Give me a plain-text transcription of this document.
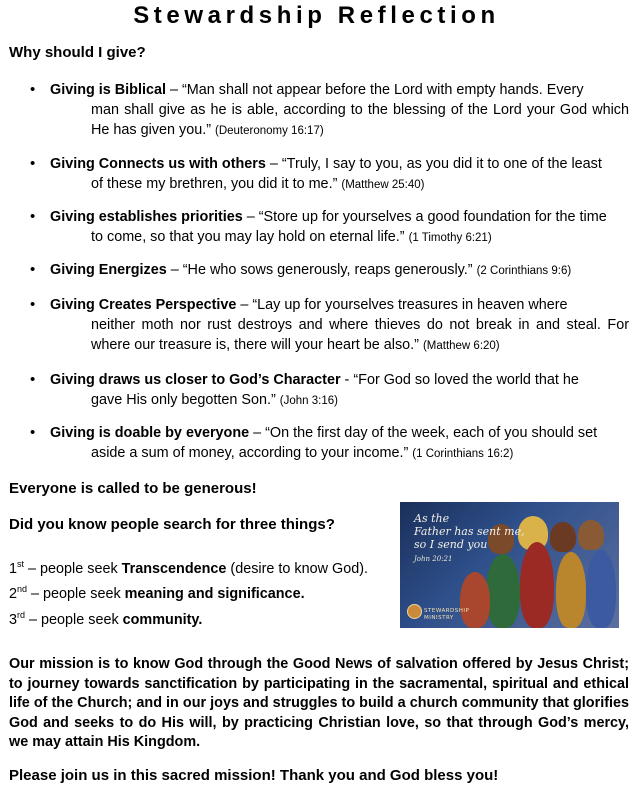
Stewardship Reflection
Why should I give?
• Giving is Biblical – “Man shall not appear before the Lord with empty hands. Every
man shall give as he is able, according to the blessing of the Lord your God which He has given you.” (Deuteronomy 16:17)
• Giving Connects us with others – “Truly, I say to you, as you did it to one of the least
of these my brethren, you did it to me.” (Matthew 25:40)
• Giving establishes priorities – “Store up for yourselves a good foundation for the time
to come, so that you may lay hold on eternal life.” (1 Timothy 6:21)
• Giving Energizes – “He who sows generously, reaps generously.” (2 Corinthians 9:6)
• Giving Creates Perspective – “Lay up for yourselves treasures in heaven where
neither moth nor rust destroys and where thieves do not break in and steal. For where our treasure is, there will your heart be also.” (Matthew 6:20)
• Giving draws us closer to God’s Character - “For God so loved the world that he
gave His only begotten Son.” (John 3:16)
• Giving is doable by everyone – “On the first day of the week, each of you should set
aside a sum of money, according to your income.” (1 Corinthians 16:2)
Everyone is called to be generous!
Did you know people search for three things?
1st – people seek Transcendence (desire to know God).
2nd – people seek meaning and significance.
3rd – people seek community.
As the
Father has sent me,
so I send you
John 20:21
STEWARDSHIP
MINISTRY
Our mission is to know God through the Good News of salvation offered by Jesus Christ; to journey towards sanctification by participating in the sacramental, spiritual and ethical life of the Church; and in our joys and struggles to build a church community that glorifies God and seeks to do His will, by practicing Christian love, so that through God’s mercy, we may attain His Kingdom.
Please join us in this sacred mission! Thank you and God bless you!
